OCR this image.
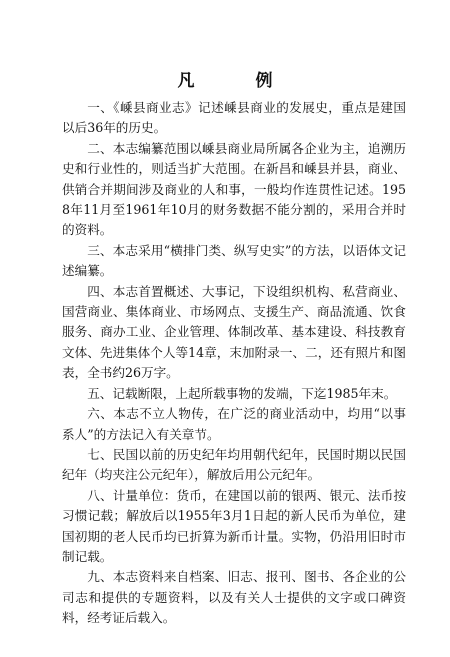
凡　例

一、《嵊县商业志》记述嵊县商业的发展史，重点是建国以后36年的历史。

二、本志编纂范围以嵊县商业局所属各企业为主，追溯历史和行业性的，则适当扩大范围。在新昌和嵊县并县，商业、供销合并期间涉及商业的人和事，一般均作连贯性记述。1958年11月至1961年10月的财务数据不能分割的，采用合并时的资料。

三、本志采用“横排门类、纵写史实”的方法，以语体文记述编纂。

四、本志首置概述、大事记，下设组织机构、私营商业、国营商业、集体商业、市场网点、支援生产、商品流通、饮食服务、商办工业、企业管理、体制改革、基本建设、科技教育文体、先进集体个人等14章，末加附录一、二，还有照片和图表，全书约26万字。

五、记载断限，上起所载事物的发端，下迄1985年末。

六、本志不立人物传，在广泛的商业活动中，均用“以事系人”的方法记入有关章节。

七、民国以前的历史纪年均用朝代纪年，民国时期以民国纪年（均夹注公元纪年），解放后用公元纪年。

八、计量单位：货币，在建国以前的银两、银元、法币按习惯记载；解放后以1955年3月1日起的新人民币为单位，建国初期的老人民币均已折算为新币计量。实物，仍沿用旧时市制记载。

九、本志资料来自档案、旧志、报刊、图书、各企业的公司志和提供的专题资料，以及有关人士提供的文字或口碑资料，经考证后载入。
